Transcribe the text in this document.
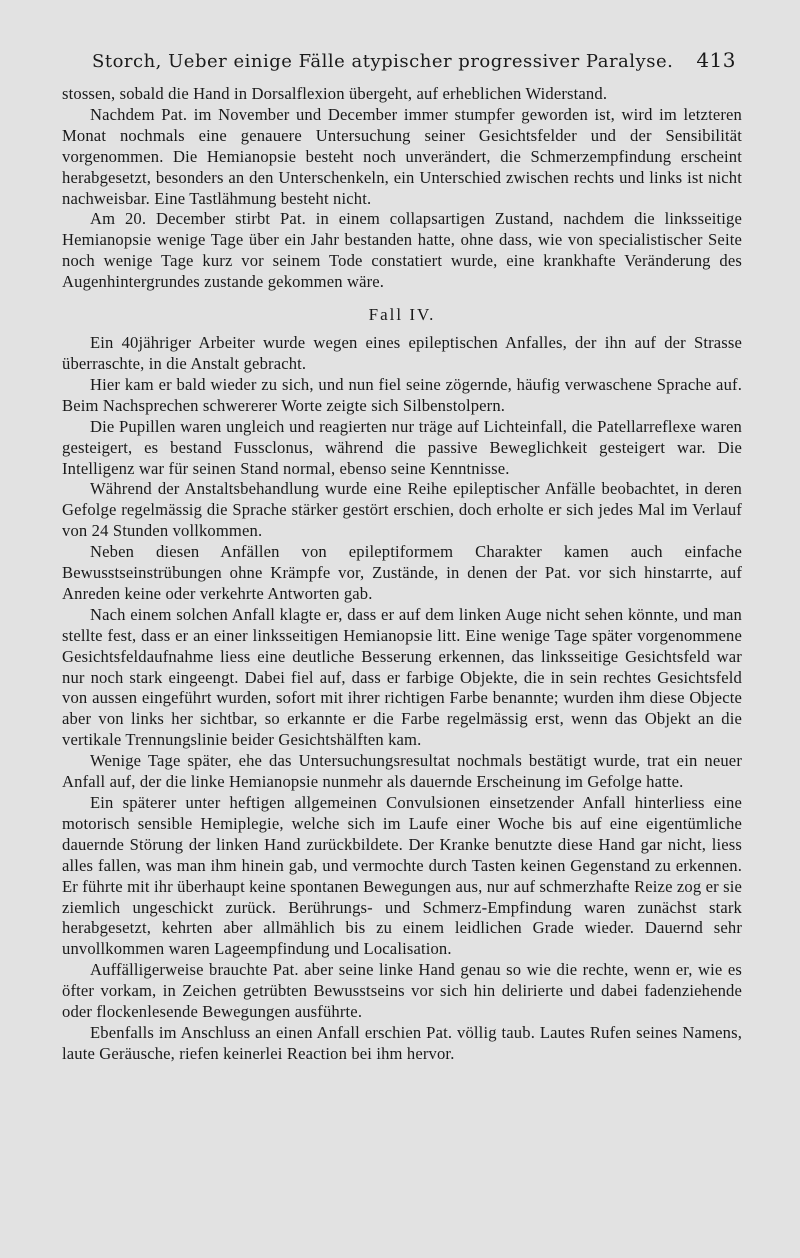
Storch, Ueber einige Fälle atypischer progressiver Paralyse. 413

stossen, sobald die Hand in Dorsalflexion übergeht, auf erheblichen Widerstand.

Nachdem Pat. im November und December immer stumpfer geworden ist, wird im letzteren Monat nochmals eine genauere Untersuchung seiner Gesichtsfelder und der Sensibilität vorgenommen. Die Hemianopsie besteht noch unverändert, die Schmerzempfindung erscheint herabgesetzt, besonders an den Unterschenkeln, ein Unterschied zwischen rechts und links ist nicht nachweisbar. Eine Tastlähmung besteht nicht.

Am 20. December stirbt Pat. in einem collapsartigen Zustand, nachdem die linksseitige Hemianopsie wenige Tage über ein Jahr bestanden hatte, ohne dass, wie von specialistischer Seite noch wenige Tage kurz vor seinem Tode constatiert wurde, eine krankhafte Veränderung des Augenhintergrundes zustande gekommen wäre.

Fall IV.

Ein 40jähriger Arbeiter wurde wegen eines epileptischen Anfalles, der ihn auf der Strasse überraschte, in die Anstalt gebracht.

Hier kam er bald wieder zu sich, und nun fiel seine zögernde, häufig verwaschene Sprache auf. Beim Nachsprechen schwererer Worte zeigte sich Silbenstolpern.

Die Pupillen waren ungleich und reagierten nur träge auf Lichteinfall, die Patellarreflexe waren gesteigert, es bestand Fussclonus, während die passive Beweglichkeit gesteigert war. Die Intelligenz war für seinen Stand normal, ebenso seine Kenntnisse.

Während der Anstaltsbehandlung wurde eine Reihe epileptischer Anfälle beobachtet, in deren Gefolge regelmässig die Sprache stärker gestört erschien, doch erholte er sich jedes Mal im Verlauf von 24 Stunden vollkommen.

Neben diesen Anfällen von epileptiformem Charakter kamen auch einfache Bewusstseinstrübungen ohne Krämpfe vor, Zustände, in denen der Pat. vor sich hinstarrte, auf Anreden keine oder verkehrte Antworten gab.

Nach einem solchen Anfall klagte er, dass er auf dem linken Auge nicht sehen könnte, und man stellte fest, dass er an einer linksseitigen Hemianopsie litt. Eine wenige Tage später vorgenommene Gesichtsfeldaufnahme liess eine deutliche Besserung erkennen, das linksseitige Gesichtsfeld war nur noch stark eingeengt. Dabei fiel auf, dass er farbige Objekte, die in sein rechtes Gesichtsfeld von aussen eingeführt wurden, sofort mit ihrer richtigen Farbe benannte; wurden ihm diese Objecte aber von links her sichtbar, so erkannte er die Farbe regelmässig erst, wenn das Objekt an die vertikale Trennungslinie beider Gesichtshälften kam.

Wenige Tage später, ehe das Untersuchungsresultat nochmals bestätigt wurde, trat ein neuer Anfall auf, der die linke Hemianopsie nunmehr als dauernde Erscheinung im Gefolge hatte.

Ein späterer unter heftigen allgemeinen Convulsionen einsetzender Anfall hinterliess eine motorisch sensible Hemiplegie, welche sich im Laufe einer Woche bis auf eine eigentümliche dauernde Störung der linken Hand zurückbildete. Der Kranke benutzte diese Hand gar nicht, liess alles fallen, was man ihm hinein gab, und vermochte durch Tasten keinen Gegenstand zu erkennen. Er führte mit ihr überhaupt keine spontanen Bewegungen aus, nur auf schmerzhafte Reize zog er sie ziemlich ungeschickt zurück. Berührungs- und Schmerz-Empfindung waren zunächst stark herabgesetzt, kehrten aber allmählich bis zu einem leidlichen Grade wieder. Dauernd sehr unvollkommen waren Lageempfindung und Localisation.

Auffälligerweise brauchte Pat. aber seine linke Hand genau so wie die rechte, wenn er, wie es öfter vorkam, in Zeichen getrübten Bewusstseins vor sich hin delirierte und dabei fadenziehende oder flockenlesende Bewegungen ausführte.

Ebenfalls im Anschluss an einen Anfall erschien Pat. völlig taub. Lautes Rufen seines Namens, laute Geräusche, riefen keinerlei Reaction bei ihm hervor.
